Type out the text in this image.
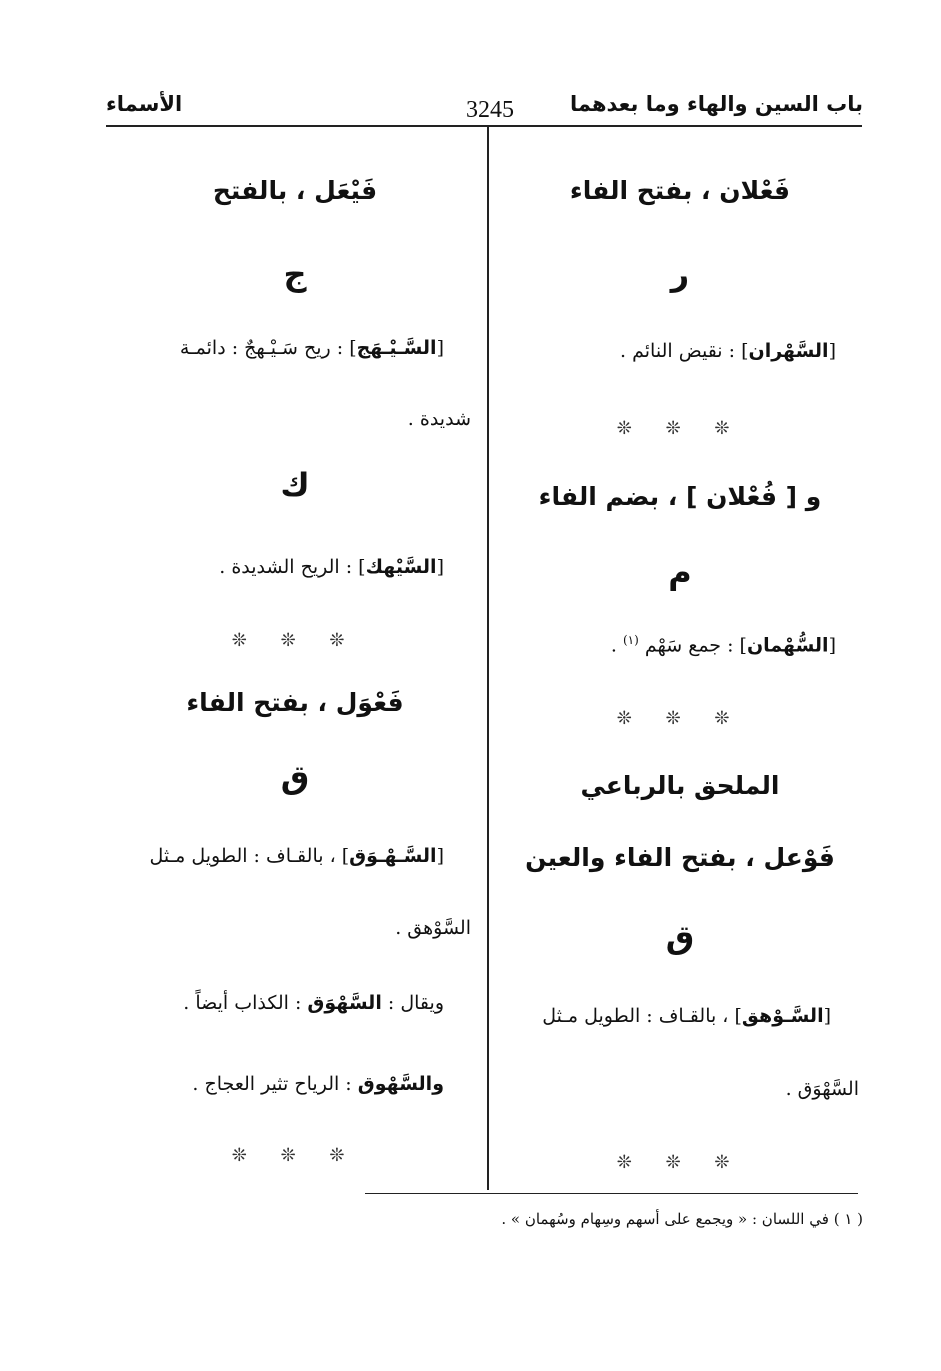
باب السين والهاء وما بعدهما
3245
الأسماء
فَعْلان ، بفتح الفاء
ر
[السَّهْران] : نقيض النائم .
❊ ❊ ❊
و [ فُعْلان ] ، بضم الفاء
م
[السُّهْمان] : جمع سَهْم $^{(١)}$ .
❊ ❊ ❊
الملحق بالرباعي
فَوْعل ، بفتح الفاء والعين
ق
[السَّـوْهق] ، بالقـاف : الطويل مـثل
السَّهْوَق .
❊ ❊ ❊
فَيْعَل ، بالفتح
ج
[السَّـيْـهَج] : ريح سَـيْـهجٌ : دائمـة
شديدة .
ك
[السَّيْهك] : الريح الشديدة .
❊ ❊ ❊
فَعْوَل ، بفتح الفاء
ق
[السَّـهْـوَق] ، بالقـاف : الطويل مـثل
السَّوْهق .
ويقال : السَّهْوَق : الكذاب أيضاً .
والسَّهْوق : الرياح تثير العجاج .
❊ ❊ ❊
( ١ ) في اللسان : « ويجمع على أسهم وسِهام وسُهمان » .
